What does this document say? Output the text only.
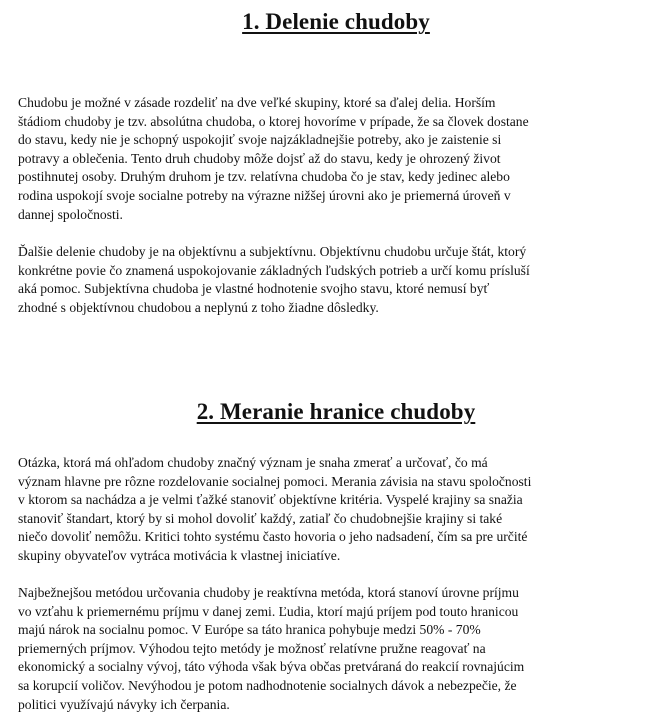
1. Delenie chudoby

Chudobu je možné v zásade rozdeliť na dve veľké skupiny, ktoré sa ďalej delia. Horším
štádiom chudoby je tzv. absolútna chudoba, o ktorej hovoríme v prípade, že sa človek dostane
do stavu, kedy nie je schopný uspokojiť svoje najzákladnejšie potreby, ako je zaistenie si
potravy a oblečenia. Tento druh chudoby môže dojsť až do stavu, kedy je ohrozený život
postihnutej osoby. Druhým druhom je tzv. relatívna chudoba čo je stav, kedy jedinec alebo
rodina uspokojí svoje socialne potreby na výrazne nižšej úrovni ako je priemerná úroveň v
dannej spoločnosti.

Ďalšie delenie chudoby je na objektívnu a subjektívnu. Objektívnu chudobu určuje štát, ktorý
konkrétne povie čo znamená uspokojovanie základných ľudských potrieb a určí komu prísluší
aká pomoc. Subjektívna chudoba je vlastné hodnotenie svojho stavu, ktoré nemusí byť
zhodné s objektívnou chudobou a neplynú z toho žiadne dôsledky.

2. Meranie hranice chudoby

Otázka, ktorá má ohľadom chudoby značný význam je snaha zmerať a určovať, čo má
význam hlavne pre rôzne rozdelovanie socialnej pomoci. Merania závisia na stavu spoločnosti
v ktorom sa nachádza a je velmi ťažké stanoviť objektívne kritéria. Vyspelé krajiny sa snažia
stanoviť štandart, ktorý by si mohol dovoliť každý, zatiaľ čo chudobnejšie krajiny si také
niečo dovoliť nemôžu. Kritici tohto systému často hovoria o jeho nadsadení, čím sa pre určité
skupiny obyvateľov vytráca motivácia k vlastnej iniciatíve.

Najbežnejšou metódou určovania chudoby je reaktívna metóda, ktorá stanoví úrovne príjmu
vo vzťahu k priemernému príjmu v danej zemi. Ľudia, ktorí majú príjem pod touto hranicou
majú nárok na socialnu pomoc. V Európe sa táto hranica pohybuje medzi 50% - 70%
priemerných príjmov. Výhodou tejto metódy je možnosť relatívne pružne reagovať na
ekonomický a socialny vývoj, táto výhoda však býva občas pretváraná do reakcií rovnajúcim
sa korupcií voličov. Nevýhodou je potom nadhodnotenie socialnych dávok a nebezpečie, že
politici využívajú návyky ich čerpania.
